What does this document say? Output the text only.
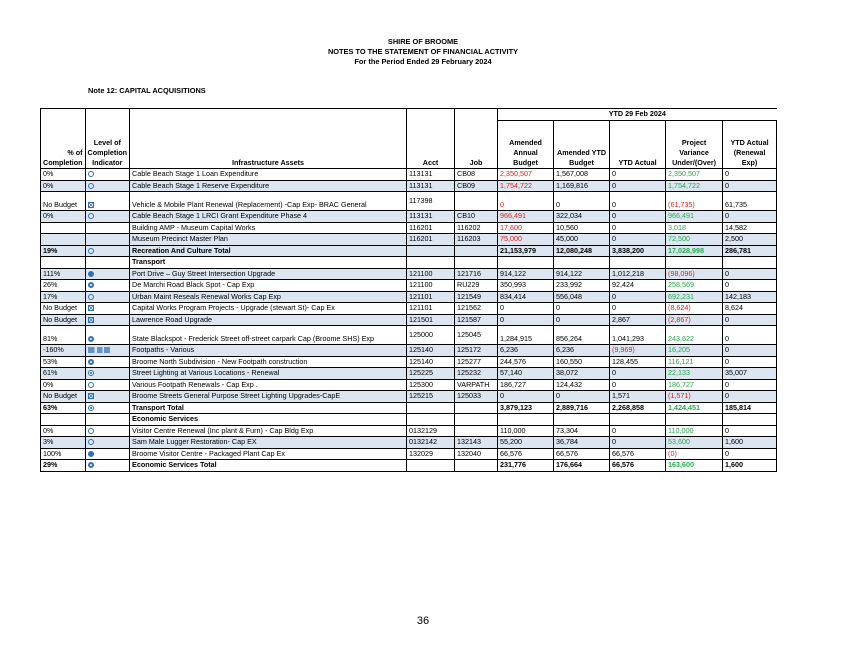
SHIRE OF BROOME
NOTES TO THE STATEMENT OF FINANCIAL ACTIVITY
For the Period Ended 29 February 2024
Note 12: CAPITAL ACQUISITIONS
					YTD 29 Feb 2024				
% of Completion	Level of Completion Indicator	Infrastructure Assets	Acct	Job	Amended Annual Budget	Amended YTD Budget	YTD Actual	Project Variance Under/(Over)	YTD Actual (Renewal Exp)
0%		Cable Beach Stage 1 Loan Expenditure	113131	CB08	2,350,507	1,567,008	0	2,350,507	0
0%		Cable Beach Stage 1 Reserve Expenditure	113131	CB09	1,754,722	1,169,816	0	1,754,722	0
No Budget		Vehicle & Mobile Plant Renewal (Replacement) -Cap Exp- BRAC General	117398		0	0	0	(61,735)	61,735
0%		Cable Beach Stage 1 LRCI Grant Expenditure Phase 4	113131	CB10	966,491	322,034	0	966,491	0
		Building AMP - Museum Capital Works	116201	116202	17,600	10,560	0	3,018	14,582
		Museum Precinct Master Plan	116201	116203	75,000	45,000	0	72,500	2,500
19%		Recreation And Culture Total			21,153,979	12,080,248	3,838,200	17,028,998	286,781
		Transport							
111%		Port Drive – Guy Street Intersection Upgrade	121100	121716	914,122	914,122	1,012,218	(98,096)	0
26%		De Marchi Road Black Spot - Cap Exp	121100	RU229	350,993	233,992	92,424	258,569	0
17%		Urban Maint Reseals Renewal Works Cap Exp	121101	121549	834,414	556,048	0	692,231	142,183
No Budget		Capital Works Program Projects - Upgrade (stewart St)- Cap Ex	121101	121562	0	0	0	(8,624)	8,624
No Budget		Lawrence Road Upgrade	121501	121587	0	0	2,867	(2,867)	0
81%		State Blackspot - Frederick Street off-street carpark Cap (Broome SHS) Exp	125000	125045	1,284,915	856,264	1,041,293	243,622	0
-160%		Footpaths - Various	125140	125172	6,236	6,236	(9,969)	16,205	0
53%		Broome North Subdivision - New Footpath construction	125140	125277	244,576	160,550	128,455	116,121	0
61%		Street Lighting at Various Locations - Renewal	125225	125232	57,140	38,072	0	22,133	35,007
0%		Various Footpath Renewals - Cap Exp .	125300	VARPATH	186,727	124,432	0	186,727	0
No Budget		Broome Streets General Purpose Street Lighting Upgrades-CapE	125215	125033	0	0	1,571	(1,571)	0
63%		Transport Total			3,879,123	2,889,716	2,268,858	1,424,451	185,814
		Economic Services							
0%		Visitor Centre Renewal (Inc plant & Furn) - Cap Bldg Exp	0132129		110,000	73,304	0	110,000	0
3%		Sam Male Lugger Restoration- Cap EX	0132142	132143	55,200	36,784	0	53,600	1,600
100%		Broome Visitor Centre - Packaged Plant Cap Ex	132029	132040	66,576	66,576	66,576	(0)	0
29%		Economic Services Total			231,776	176,664	66,576	163,600	1,600
36
